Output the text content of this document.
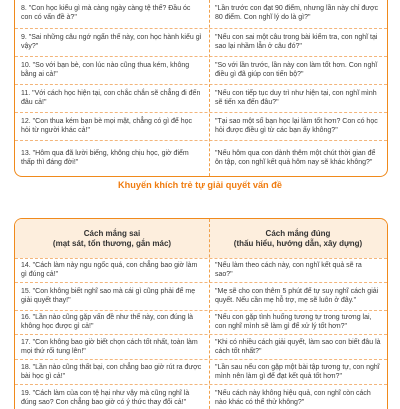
8. "Con học kiểu gì mà càng ngày càng tệ thế? Đầu óc con có vấn đề à?"
"Lần trước con đạt 90 điểm, nhưng lần này chỉ được 80 điểm. Con nghĩ lý do là gì?"
9. "Sai những câu ngớ ngẩn thế này, con học hành kiểu gì vậy?"
"Nếu con sai một câu trong bài kiểm tra, con nghĩ tại sao lại nhầm lẫn ở câu đó?"
10. "So với bạn bè, con lúc nào cũng thua kém, không bằng ai cả!"
"So với lần trước, lần này con làm tốt hơn. Con nghĩ điều gì đã giúp con tiến bộ?"
11. "Với cách học hiện tại, con chắc chắn sẽ chẳng đi đến đâu cả!"
"Nếu con tiếp tục duy trì như hiện tại, con nghĩ mình sẽ tiến xa đến đâu?"
12. "Con thua kém bạn bè mọi mặt, chẳng có gì để học hỏi từ người khác cả!"
"Tại sao một số bạn học lại làm tốt hơn? Con có học hỏi được điều gì từ các bạn ấy không?"
13. "Hôm qua đã lười biếng, không chịu học, giờ điểm thấp thì đáng đời!"
"Nếu hôm qua con dành thêm một chút thời gian để ôn tập, con nghĩ kết quả hôm nay sẽ khác không?"
Khuyến khích trẻ tự giải quyết vấn đề
Cách mắng sai
(mạt sát, tổn thương, gắn mác)
Cách mắng đúng
(thấu hiểu, hướng dẫn, xây dựng)
14. "Cách làm này ngu ngốc quá, con chẳng bao giờ làm gì đúng cả!"
"Nếu làm theo cách này, con nghĩ kết quả sẽ ra sao?"
15. "Con không biết nghĩ sao mà cái gì cũng phải để mẹ giải quyết thay!"
"Mẹ sẽ cho con thêm 5 phút để tự suy nghĩ cách giải quyết. Nếu cần mẹ hỗ trợ, mẹ sẽ luôn ở đây."
16. "Lần nào cũng gặp vấn đề như thế này, con đúng là không học được gì cả!"
"Nếu con gặp tình huống tương tự trong tương lai, con nghĩ mình sẽ làm gì để xử lý tốt hơn?"
17. "Con không bao giờ biết chọn cách tốt nhất, toàn làm mọi thứ rối tung lên!"
"Khi có nhiều cách giải quyết, làm sao con biết đâu là cách tốt nhất?"
18. "Lần nào cũng thất bại, con chẳng bao giờ rút ra được bài học gì cả!"
"Lần sau nếu con gặp một bài tập tương tự, con nghĩ mình nên làm gì để đạt kết quả tốt hơn?"
19. "Cách làm của con tệ hại như vậy mà cũng nghĩ là đúng sao? Con chẳng bao giờ có ý thức thay đổi cả!"
"Nếu cách này không hiệu quả, con nghĩ còn cách nào khác có thể thử không?"
